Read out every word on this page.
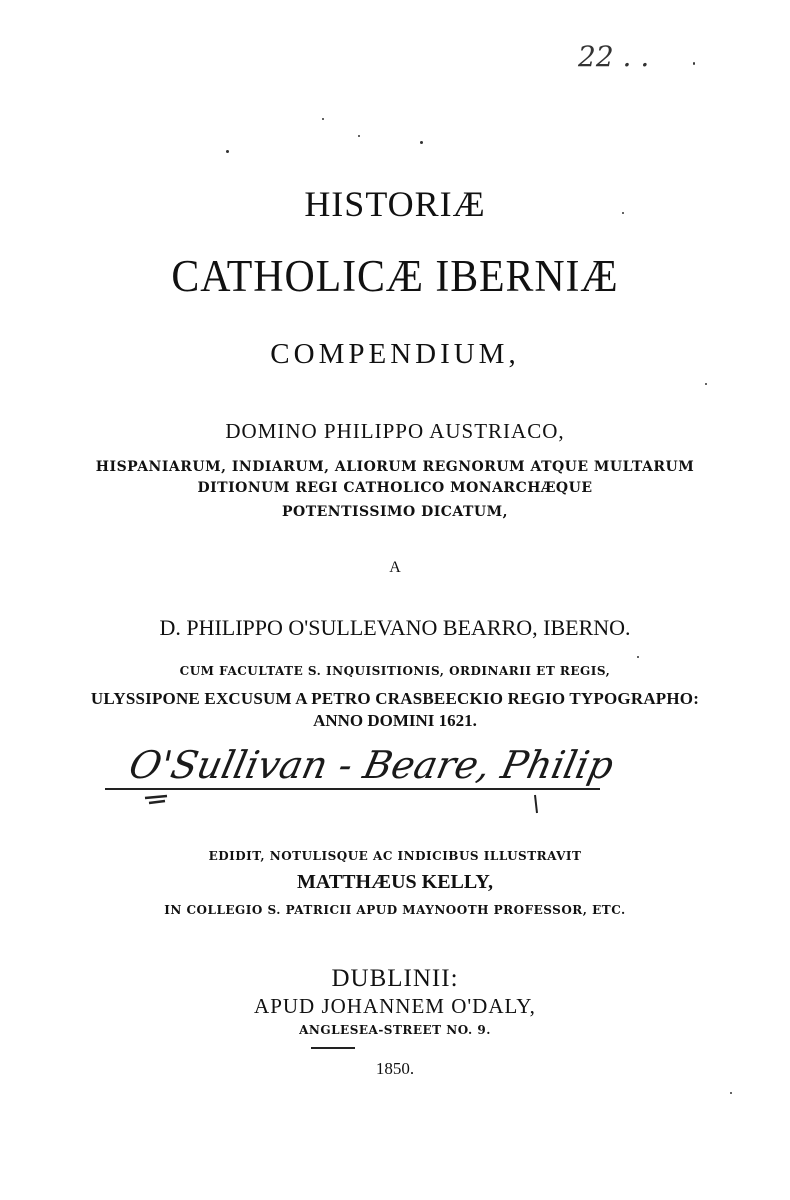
22 . .
HISTORIÆ
CATHOLICÆ IBERNIÆ
COMPENDIUM,
DOMINO PHILIPPO AUSTRIACO,
HISPANIARUM, INDIARUM, ALIORUM REGNORUM ATQUE MULTARUM
DITIONUM REGI CATHOLICO MONARCHÆQUE
POTENTISSIMO DICATUM,
A
D. PHILIPPO O'SULLEVANO BEARRO, IBERNO.
CUM FACULTATE S. INQUISITIONIS, ORDINARII ET REGIS,
ULYSSIPONE EXCUSUM A PETRO CRASBEECKIO REGIO TYPOGRAPHO:
ANNO DOMINI 1621.
O'Sullivan - Beare, Philip
EDIDIT, NOTULISQUE AC INDICIBUS ILLUSTRAVIT
MATTHÆUS KELLY,
IN COLLEGIO S. PATRICII APUD MAYNOOTH PROFESSOR, ETC.
DUBLINII:
APUD JOHANNEM O'DALY,
ANGLESEA-STREET NO. 9.
1850.
